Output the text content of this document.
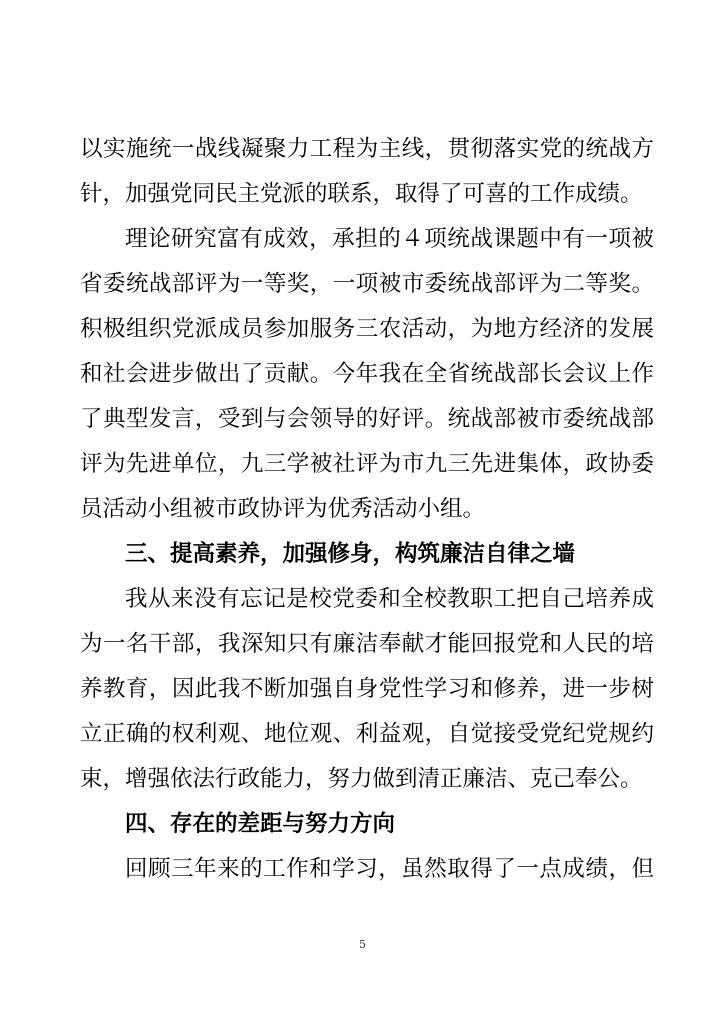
以实施统一战线凝聚力工程为主线，贯彻落实党的统战方
针，加强党同民主党派的联系，取得了可喜的工作成绩。
理论研究富有成效，承担的４项统战课题中有一项被
省委统战部评为一等奖，一项被市委统战部评为二等奖。
积极组织党派成员参加服务三农活动，为地方经济的发展
和社会进步做出了贡献。今年我在全省统战部长会议上作
了典型发言，受到与会领导的好评。统战部被市委统战部
评为先进单位，九三学被社评为市九三先进集体，政协委
员活动小组被市政协评为优秀活动小组。
三、提高素养，加强修身，构筑廉洁自律之墙
我从来没有忘记是校党委和全校教职工把自己培养成
为一名干部，我深知只有廉洁奉献才能回报党和人民的培
养教育，因此我不断加强自身党性学习和修养，进一步树
立正确的权利观、地位观、利益观，自觉接受党纪党规约
束，增强依法行政能力，努力做到清正廉洁、克己奉公。
四、存在的差距与努力方向
回顾三年来的工作和学习，虽然取得了一点成绩，但
5
